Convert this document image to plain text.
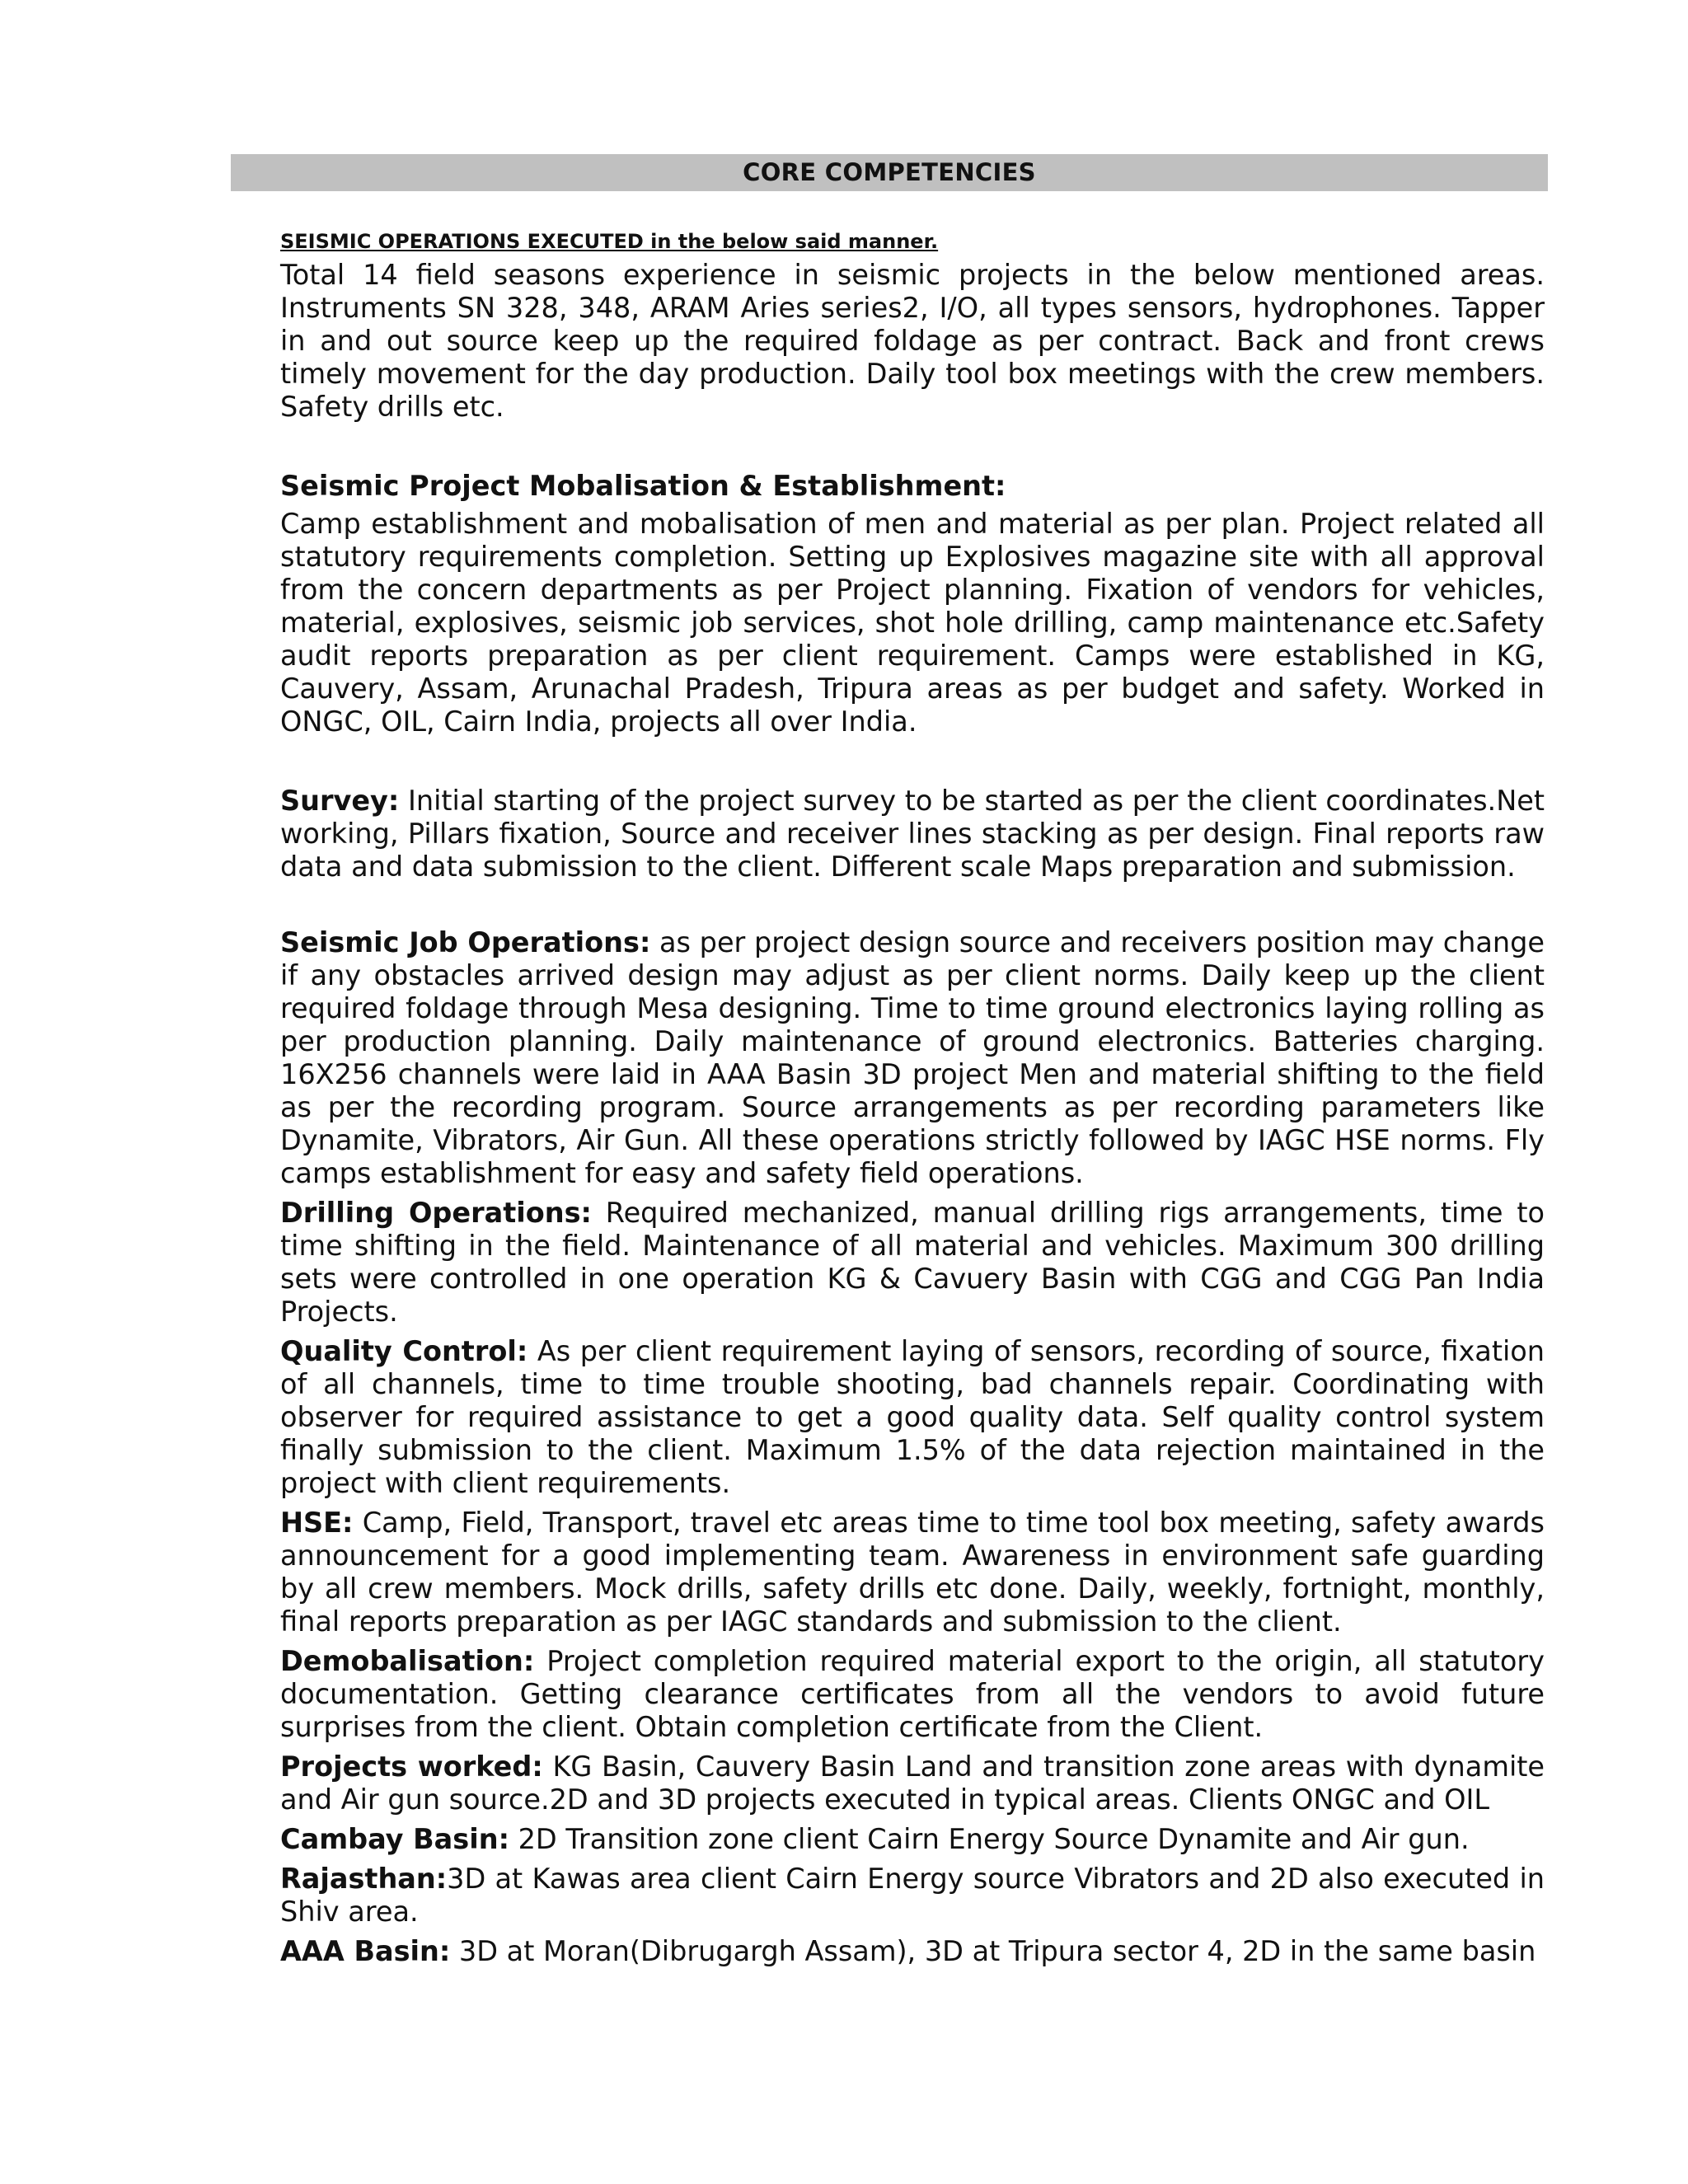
CORE COMPETENCIES

SEISMIC OPERATIONS EXECUTED in the below said manner.

Total 14 field seasons experience in seismic projects in the below mentioned areas. Instruments SN 328, 348, ARAM Aries series2, I/O, all types sensors, hydrophones. Tapper in and out source keep up the required foldage as per contract. Back and front crews timely movement for the day production. Daily tool box meetings with the crew members. Safety drills etc.

Seismic Project Mobalisation & Establishment:

Camp establishment and mobalisation of men and material as per plan. Project related all statutory requirements completion. Setting up Explosives magazine site with all approval from the concern departments as per Project planning. Fixation of vendors for vehicles, material, explosives, seismic job services, shot hole drilling, camp maintenance etc.Safety audit reports preparation as per client requirement. Camps were established in KG, Cauvery, Assam, Arunachal Pradesh, Tripura areas as per budget and safety. Worked in ONGC, OIL, Cairn India, projects all over India.

Survey: Initial starting of the project survey to be started as per the client coordinates.Net working, Pillars fixation, Source and receiver lines stacking as per design. Final reports raw data and data submission to the client. Different scale Maps preparation and submission.

Seismic Job Operations: as per project design source and receivers position may change if any obstacles arrived design may adjust as per client norms. Daily keep up the client required foldage through Mesa designing. Time to time ground electronics laying rolling as per production planning. Daily maintenance of ground electronics. Batteries charging. 16X256 channels were laid in AAA Basin 3D project Men and material shifting to the field as per the recording program. Source arrangements as per recording parameters like Dynamite, Vibrators, Air Gun. All these operations strictly followed by IAGC HSE norms. Fly camps establishment for easy and safety field operations.

Drilling Operations: Required mechanized, manual drilling rigs arrangements, time to time shifting in the field. Maintenance of all material and vehicles. Maximum 300 drilling sets were controlled in one operation KG & Cavuery Basin with CGG and CGG Pan India Projects.

Quality Control: As per client requirement laying of sensors, recording of source, fixation of all channels, time to time trouble shooting, bad channels repair. Coordinating with observer for required assistance to get a good quality data. Self quality control system finally submission to the client. Maximum 1.5% of the data rejection maintained in the project with client requirements.

HSE: Camp, Field, Transport, travel etc areas time to time tool box meeting, safety awards announcement for a good implementing team. Awareness in environment safe guarding by all crew members. Mock drills, safety drills etc done. Daily, weekly, fortnight, monthly, final reports preparation as per IAGC standards and submission to the client.

Demobalisation: Project completion required material export to the origin, all statutory documentation. Getting clearance certificates from all the vendors to avoid future surprises from the client. Obtain completion certificate from the Client.

Projects worked: KG Basin, Cauvery Basin Land and transition zone areas with dynamite and Air gun source.2D and 3D projects executed in typical areas. Clients ONGC and OIL

Cambay Basin: 2D Transition zone client Cairn Energy Source Dynamite and Air gun.

Rajasthan:3D at Kawas area client Cairn Energy source Vibrators and 2D also executed in Shiv area.

AAA Basin: 3D at Moran(Dibrugargh Assam), 3D at Tripura sector 4, 2D in the same basin
